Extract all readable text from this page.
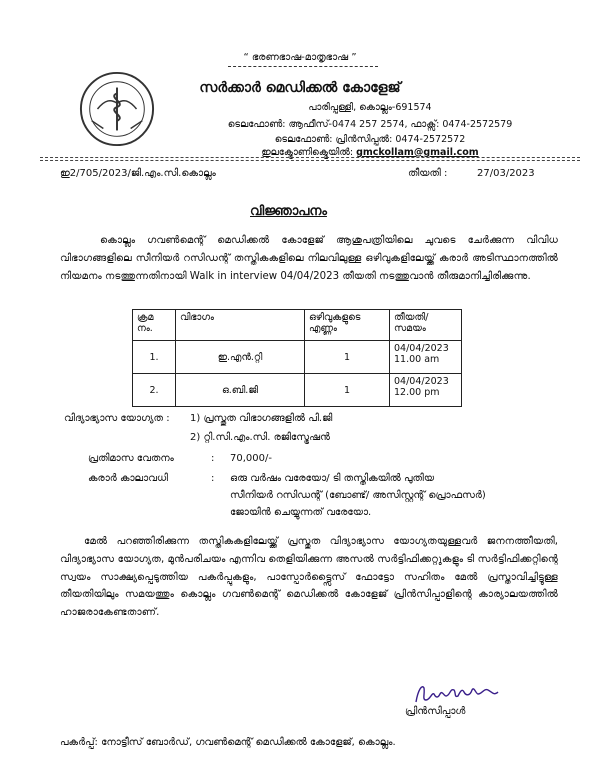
“ ഭരണഭാഷ-മാതൃഭാഷ ”
സർക്കാർ മെഡിക്കൽ കോളേജ്
പാരിപ്പള്ളി, കൊല്ലം-691574
ടെലഫോൺ: ആഫീസ്-0474 257 2574, ഫാക്സ്: 0474-2572579
ടെലഫോൺ: പ്രിൻസിപ്പൽ: 0474-2572572
ഇലക്ട്രോണിക്മെയിൽ: gmckollam@gmail.com
ഇ2/705/2023/ജി.എം.സി.കൊല്ലം	തീയതി :	27/03/2023
വിജ്ഞാപനം
കൊല്ലം ഗവൺമെന്റ് മെഡിക്കൽ കോളേജ് ആശുപത്രിയിലെ ചുവടെ ചേർക്കുന്ന വിവിധ വിഭാഗങ്ങളിലെ സീനിയർ റസിഡന്റ് തസ്തികകളിലെ നിലവിലുള്ള ഒഴിവുകളിലേയ്ക്ക് കരാർ അടിസ്ഥാനത്തിൽ നിയമനം നടത്തുന്നതിനായി Walk in interview 04/04/2023 തീയതി നടത്തുവാൻ തീരുമാനിച്ചിരിക്കുന്നു.
ക്രമ നം.	വിഭാഗം	ഒഴിവുകളുടെ എണ്ണം	തീയതി/സമയം
1.	ഇ.എൻ.റ്റി	1	04/04/2023
11.00 am

2.	ഒ.ബി.ജി	1	04/04/2023
12.00 pm
വിദ്യാഭ്യാസ യോഗ്യത : 1) പ്രസ്തുത വിഭാഗങ്ങളിൽ പി.ജി
2) റ്റി.സി.എം.സി. രജിസ്ട്രേഷൻ
പ്രതിമാസ വേതനം	: 70,000/-
കരാർ കാലാവധി	: ഒരു വർഷം വരേയോ/ ടി തസ്തികയിൽ പുതിയ
സീനിയർ റസിഡന്റ് (ബോണ്ട്/ അസിസ്റ്റന്റ് പ്രൊഫസർ)
ജോയിൻ ചെയ്യുന്നത് വരേയോ.
മേൽ പറഞ്ഞിരിക്കുന്ന തസ്തികകളിലേയ്ക്ക് പ്രസ്തുത വിദ്യാഭ്യാസ യോഗ്യതയുള്ളവർ ജനനത്തീയതി, വിദ്യാഭ്യാസ യോഗ്യത, മുൻപരിചയം എന്നിവ തെളിയിക്കുന്ന അസൽ സർട്ടിഫിക്കറ്റുകളും ടി സർട്ടിഫിക്കറ്റിന്റെ സ്വയം സാക്ഷ്യപ്പെടുത്തിയ പകർപ്പുകളും, പാസ്പോർട്ട്സൈസ് ഫോട്ടോ സഹിതം മേൽ പ്രസ്താവിച്ചിട്ടുള്ള തീയതിയിലും സമയത്തും കൊല്ലം ഗവൺമെന്റ് മെഡിക്കൽ കോളേജ് പ്രിൻസിപ്പാളിന്റെ കാര്യാലയത്തിൽ ഹാജരാകേണ്ടതാണ്.
പ്രിൻസിപ്പാൾ
പകർപ്പ്: നോട്ടീസ് ബോർഡ്, ഗവൺമെന്റ് മെഡിക്കൽ കോളേജ്, കൊല്ലം.
